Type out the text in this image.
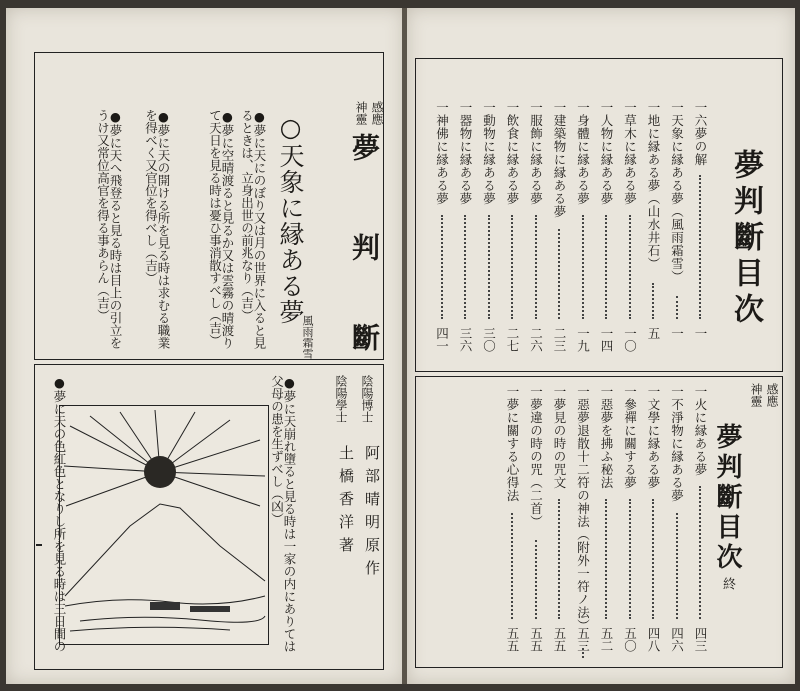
神靈 感應
夢
判
斷
○天象に縁ある夢
風雨霜雪
●夢に天にのぼり又は月の世界に入ると見るときは、立身出世の前兆なり（吉）
●夢に空晴渡ると見るか又は雲霧の晴渡りて天日を見る時は憂ひ事消散すべし（吉）
●夢に天の開ける所を見る時は求むる職業を得べく又官位を得べし（吉）
●夢に天へ飛登ると見る時は目上の引立をうけ又常位高官を得る事あらん（吉）
陰陽博士
阿部晴明原作
陰陽學士
土橋香洋著
●夢に天崩れ墮ると見る時は一家の内にありては父母の患を生ずべし（凶）
●夢に天の色紅色となりし所を見る時は三日間の
夢判斷目次
一六夢の解
一
一天象に縁ある夢（風雨霜雪）
一
一地に縁ある夢（山水井石）
五
一草木に縁ある夢
一〇
一人物に縁ある夢
一四
一身體に縁ある夢
一九
一建築物に縁ある夢
二三
一服飾に縁ある夢
二六
一飲食に縁ある夢
二七
一動物に縁ある夢
三〇
一器物に縁ある夢
三六
一神佛に縁ある夢
四一
神靈 感應
夢判斷目次
終
一火に縁ある夢
四三
一不淨物に縁ある夢
四六
一文學に縁ある夢
四八
一參禪に關する夢
五〇
一惡夢を拂ふ秘法
五二
一惡夢退散十二符の神法（附外一符ノ法）
五三
一夢見の時の咒文
五五
一夢違の時の咒（二首）
五五
一夢に關する心得法
五五
